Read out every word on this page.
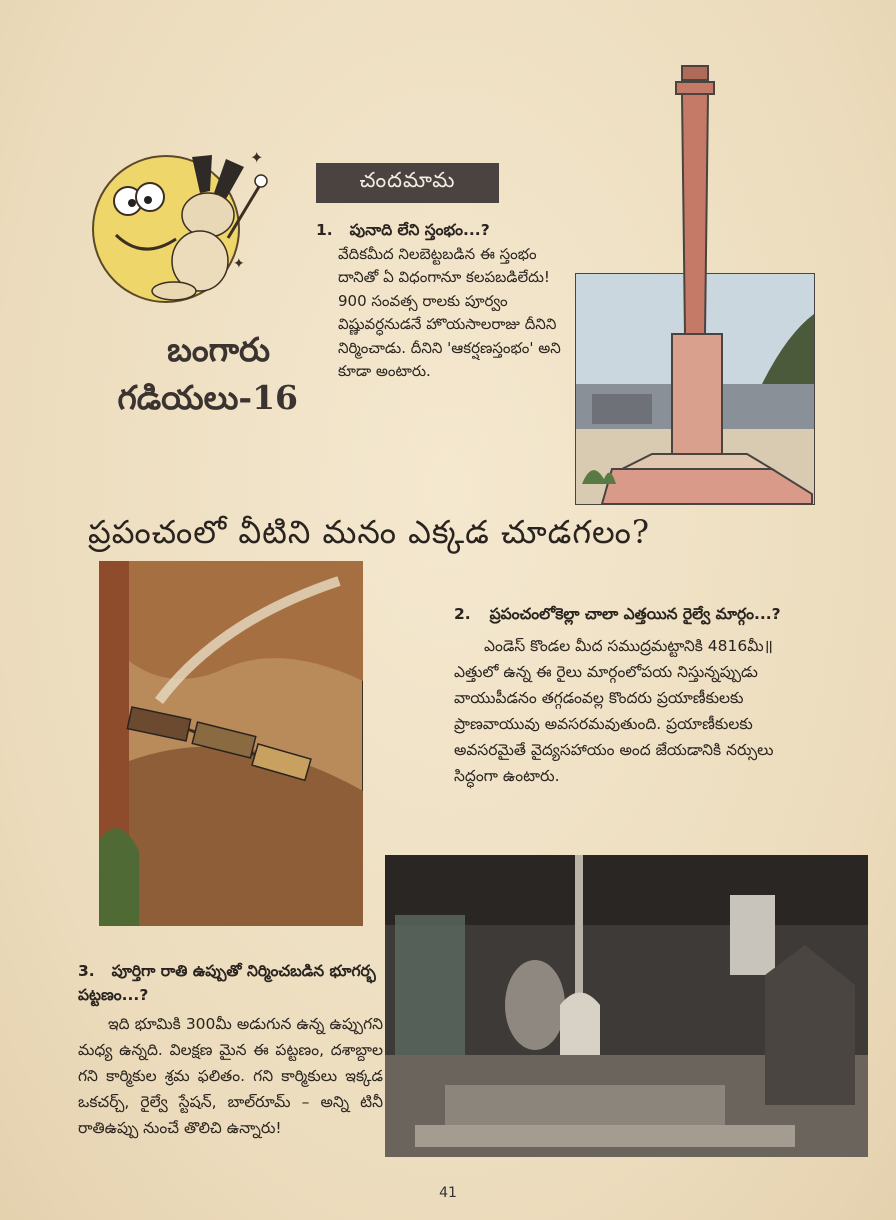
✦
✦
బంగారు
గడియలు-16
చందమామ
1. పునాది లేని స్తంభం...?
వేదికమీద నిలబెట్టబడిన ఈ స్తంభం దానితో ఏ విధంగానూ కలపబడిలేదు! 900 సంవత్స రాలకు పూర్వం విష్ణువర్ధనుడనే హొయసాలరాజు దీనిని నిర్మించాడు. దీనిని 'ఆకర్షణస్తంభం' అని కూడా అంటారు.
ప్రపంచంలో వీటిని మనం ఎక్కడ చూడగలం?
2. ప్రపంచంలోకెల్లా చాలా ఎత్తయిన రైల్వే మార్గం...?
ఎండెస్ కొండల మీద సముద్రమట్టానికి 4816మీ॥ఎత్తులో ఉన్న ఈ రైలు మార్గంలోపయ నిస్తున్నప్పుడు వాయుపీడనం తగ్గడంవల్ల కొందరు ప్రయాణీకులకు ప్రాణవాయువు అవసరమవుతుంది. ప్రయాణీకులకు అవసరమైతే వైద్యసహాయం అంద జేయడానికి నర్సులు సిద్ధంగా ఉంటారు.
3. పూర్తిగా రాతి ఉప్పుతో నిర్మించబడిన భూగర్భ పట్టణం...?
ఇది భూమికి 300మీ అడుగున ఉన్న ఉప్పుగని మధ్య ఉన్నది. విలక్షణ మైన ఈ పట్టణం, దశాబ్దాల గని కార్మికుల శ్రమ ఫలితం. గని కార్మికులు ఇక్కడ ఒకచర్చ్, రైల్వే స్టేషన్, బాల్‌రూమ్ – అన్ని టినీ రాతిఉప్పు నుంచే తొలిచి ఉన్నారు!
41
